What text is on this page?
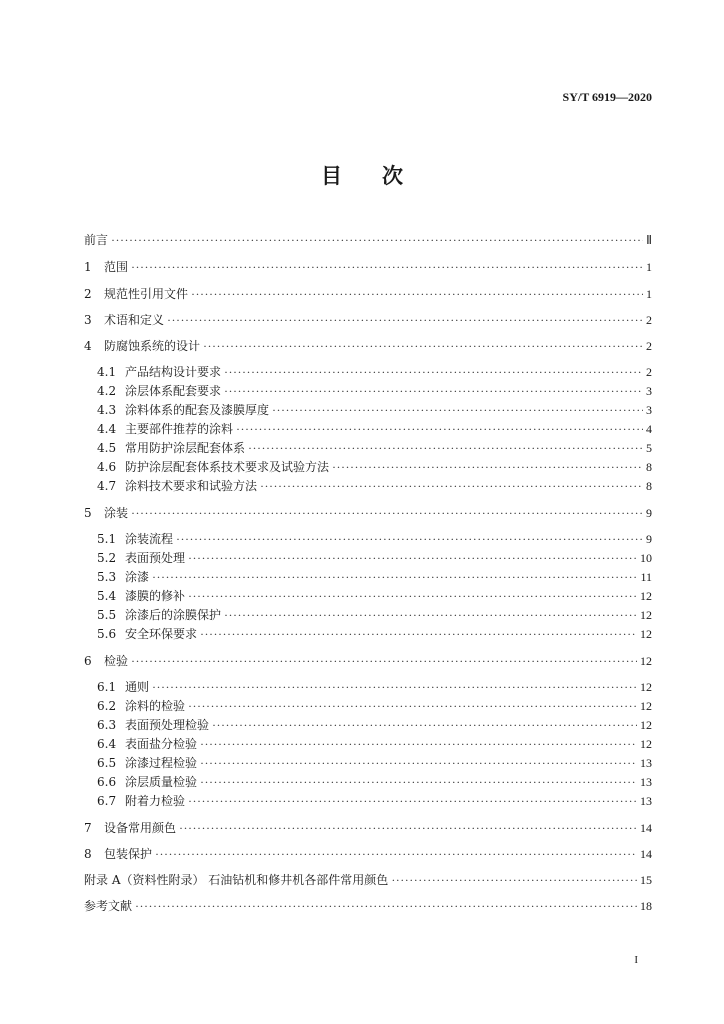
SY/T 6919—2020
目次
前言 ·····	Ⅱ
1	范围 ·····	1
2	规范性引用文件 ·····	1
3	术语和定义 ·····	2
4	防腐蚀系统的设计 ·····	2
4.1 产品结构设计要求 ·····	2
4.2 涂层体系配套要求 ·····	3
4.3 涂料体系的配套及漆膜厚度 ·····	3
4.4 主要部件推荐的涂料 ·····	4
4.5 常用防护涂层配套体系 ·····	5
4.6 防护涂层配套体系技术要求及试验方法 ·····	8
4.7 涂料技术要求和试验方法 ·····	8
5	涂装 ·····	9
5.1 涂装流程 ·····	9
5.2 表面预处理 ·····	10
5.3 涂漆 ·····	11
5.4 漆膜的修补 ·····	12
5.5 涂漆后的涂膜保护 ·····	12
5.6 安全环保要求 ·····	12
6	检验 ·····	12
6.1 通则 ·····	12
6.2 涂料的检验 ·····	12
6.3 表面预处理检验 ·····	12
6.4 表面盐分检验 ·····	12
6.5 涂漆过程检验 ·····	13
6.6 涂层质量检验 ·····	13
6.7 附着力检验 ·····	13
7	设备常用颜色 ·····	14
8	包装保护 ·····	14
附录 A（资料性附录） 石油钻机和修井机各部件常用颜色 ·····	15
参考文献 ·····	18
I
